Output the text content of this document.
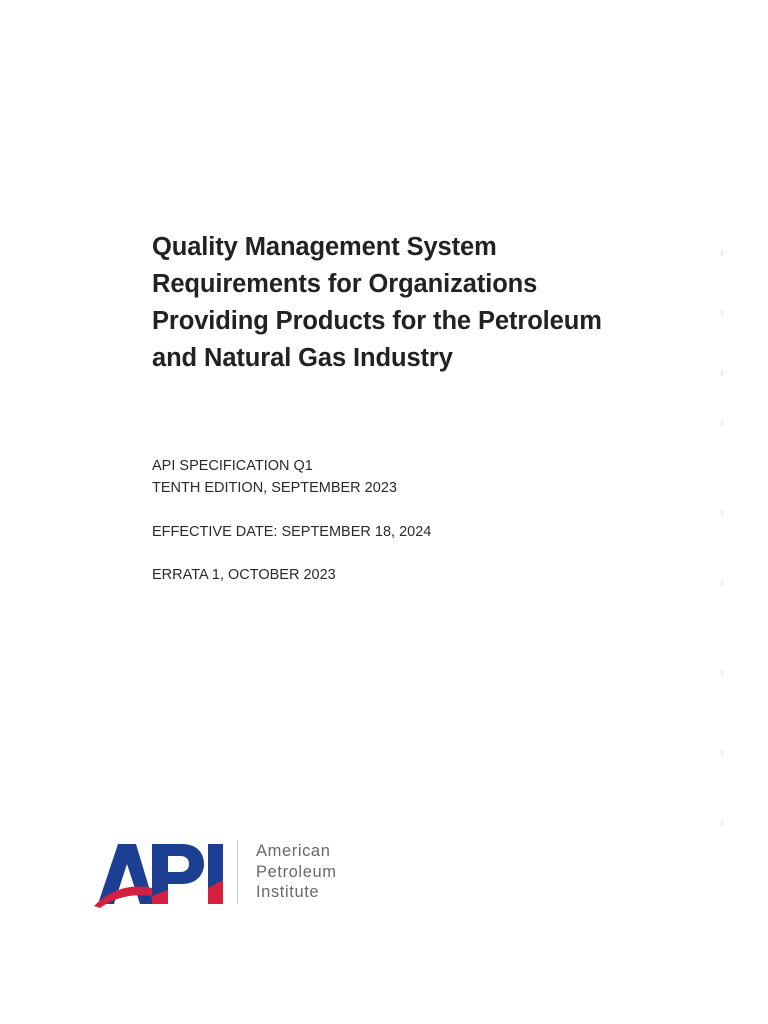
Quality Management System
Requirements for Organizations
Providing Products for the Petroleum
and Natural Gas Industry
API SPECIFICATION Q1
TENTH EDITION, SEPTEMBER 2023
EFFECTIVE DATE: SEPTEMBER 18, 2024
ERRATA 1, OCTOBER 2023
American
Petroleum
Institute
